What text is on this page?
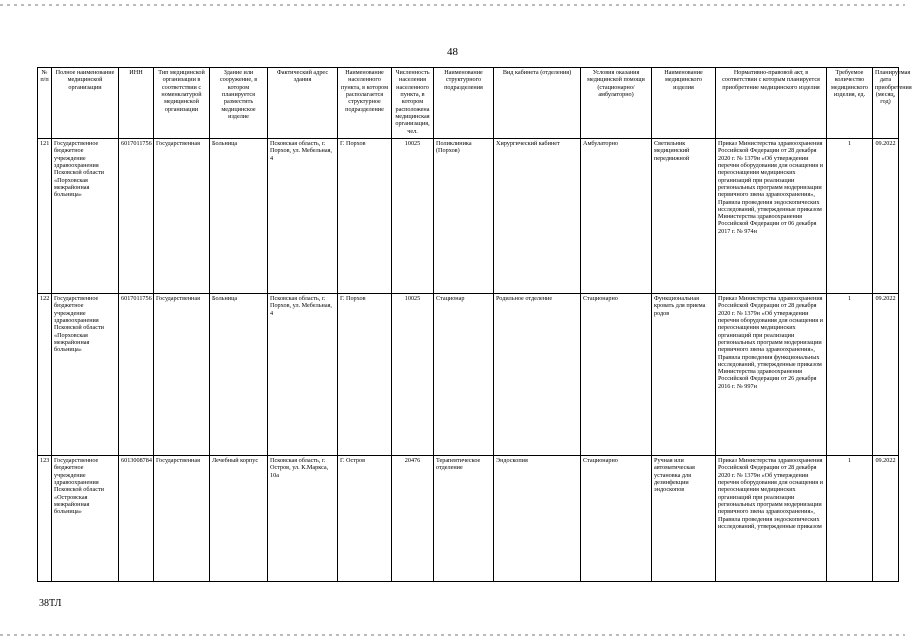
48
№ п/п	Полное наименование медицинской организации	ИНН	Тип медицинской организации в соответствии с номенклатурой медицинской организации	Здание или сооружение, в котором планируется разместить медицинское изделие	Фактический адрес здания	Наименование населенного пункта, в котором располагается структурное подразделение	Численность населения населенного пункта, в котором расположена медицинская организация, чел.	Наименование структурного подразделения	Вид кабинета (отделения)	Условия оказания медицинской помощи (стационарно/ амбулаторно)	Наименование медицинского изделия	Нормативно-правовой акт, в соответствии с которым планируется приобретение медицинского изделия	Требуемое количество медицинского изделия, ед.	Планируемая дата приобретения (месяц, год)
121	Государственное бюджетное учреждение здравоохранения Псковской области «Порховская межрайонная больница»	6017011756	Государственная	Больница	Псковская область, г. Порхов, ул. Мебельная, 4	Г. Порхов	10025	Поликлиника (Порхов)	Хирургический кабинет	Амбулаторно	Светильник медицинский передвижной	Приказ Министерства здравоохранения Российской Федерации от 28 декабря 2020 г. № 1379н «Об утверждении перечня оборудования для оснащения и переоснащения медицинских организаций при реализации региональных программ модернизации первичного звена здравоохранения», Правила проведения эндоскопических исследований, утвержденные приказом Министерства здравоохранения Российской Федерации от 06 декабря 2017 г. № 974н	1	09.2022
122	Государственное бюджетное учреждение здравоохранения Псковской области «Порховская межрайонная больница»	6017011756	Государственная	Больница	Псковская область, г. Порхов, ул. Мебельная, 4	Г. Порхов	10025	Стационар	Родильное отделение	Стационарно	Функциональная кровать для приема родов	Приказ Министерства здравоохранения Российской Федерации от 28 декабря 2020 г. № 1379н «Об утверждении перечня оборудования для оснащения и переоснащения медицинских организаций при реализации региональных программ модернизации первичного звена здравоохранения», Правила проведения функциональных исследований, утвержденные приказом Министерства здравоохранения Российской Федерации от 26 декабря 2016 г. № 997н	1	09.2022
123	Государственное бюджетное учреждение здравоохранения Псковской области «Островская межрайонная больница»	6013008784	Государственная	Лечебный корпус	Псковская область, г. Остров, ул. К.Маркса, 10а	Г. Остров	20476	Терапевтическое отделение	Эндоскопия	Стационарно	Ручная или автоматическая установка для дезинфекции эндоскопов	Приказ Министерства здравоохранения Российской Федерации от 28 декабря 2020 г. № 1379н «Об утверждении перечня оборудования для оснащения и переоснащения медицинских организаций при реализации региональных программ модернизации первичного звена здравоохранения», Правила проведения эндоскопических исследований, утвержденные приказом	1	09.2022
38ТЛ
